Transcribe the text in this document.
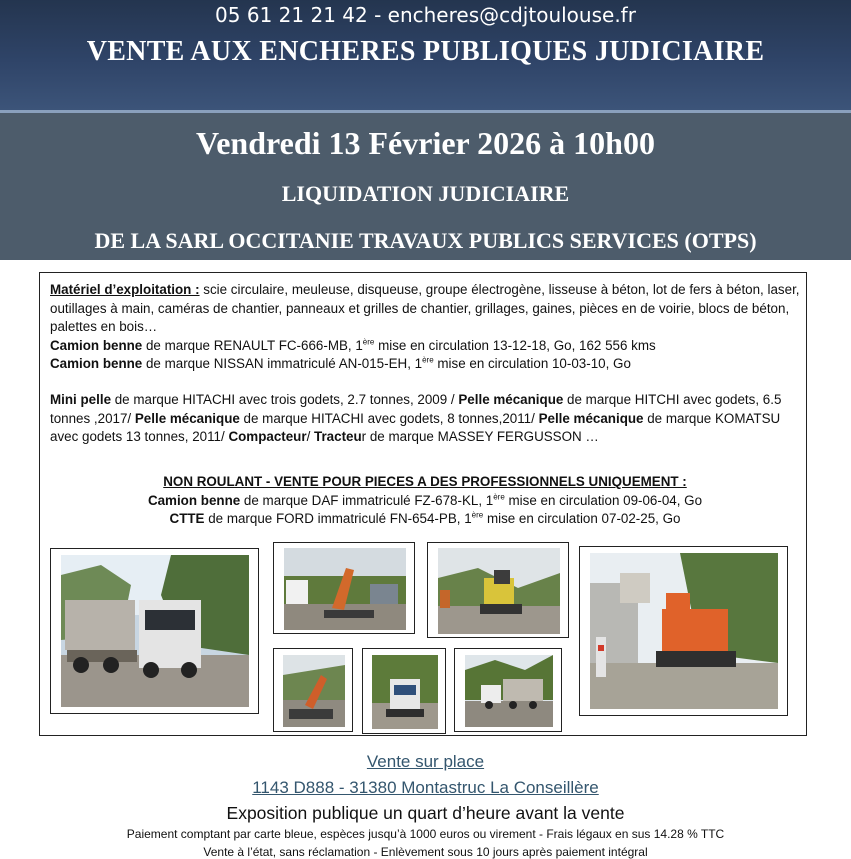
05 61 21 21 42 - encheres@cdjtoulouse.fr
VENTE AUX ENCHERES PUBLIQUES JUDICIAIRE
Vendredi 13 Février 2026 à 10h00
LIQUIDATION JUDICIAIRE
DE LA SARL OCCITANIE TRAVAUX PUBLICS SERVICES (OTPS)
Matériel d’exploitation : scie circulaire, meuleuse, disqueuse, groupe électrogène, lisseuse à béton, lot de fers à béton, laser, outillages à main, caméras de chantier, panneaux et grilles de chantier, grillages, gaines, pièces en de voirie, blocs de béton, palettes en bois…
Camion benne de marque RENAULT FC-666-MB, 1ère mise en circulation 13-12-18, Go, 162 556 kms
Camion benne de marque NISSAN immatriculé AN-015-EH, 1ère mise en circulation 10-03-10, Go
Mini pelle de marque HITACHI avec trois godets, 2.7 tonnes, 2009 / Pelle mécanique de marque HITCHI avec godets, 6.5 tonnes ,2017/ Pelle mécanique de marque HITACHI avec godets, 8 tonnes,2011/ Pelle mécanique de marque KOMATSU avec godets 13 tonnes, 2011/ Compacteur/ Tracteur de marque MASSEY FERGUSSON …
NON ROULANT - VENTE POUR PIECES A DES PROFESSIONNELS UNIQUEMENT :
Camion benne de marque DAF immatriculé FZ-678-KL, 1ère mise en circulation 09-06-04, Go
CTTE de marque FORD immatriculé FN-654-PB, 1ère mise en circulation 07-02-25, Go
Vente sur place
1143 D888 - 31380 Montastruc La Conseillère
Exposition publique un quart d’heure avant la vente
Paiement comptant par carte bleue, espèces jusqu’à 1000 euros ou virement - Frais légaux en sus 14.28 % TTC
Vente à l’état, sans réclamation - Enlèvement sous 10 jours après paiement intégral
